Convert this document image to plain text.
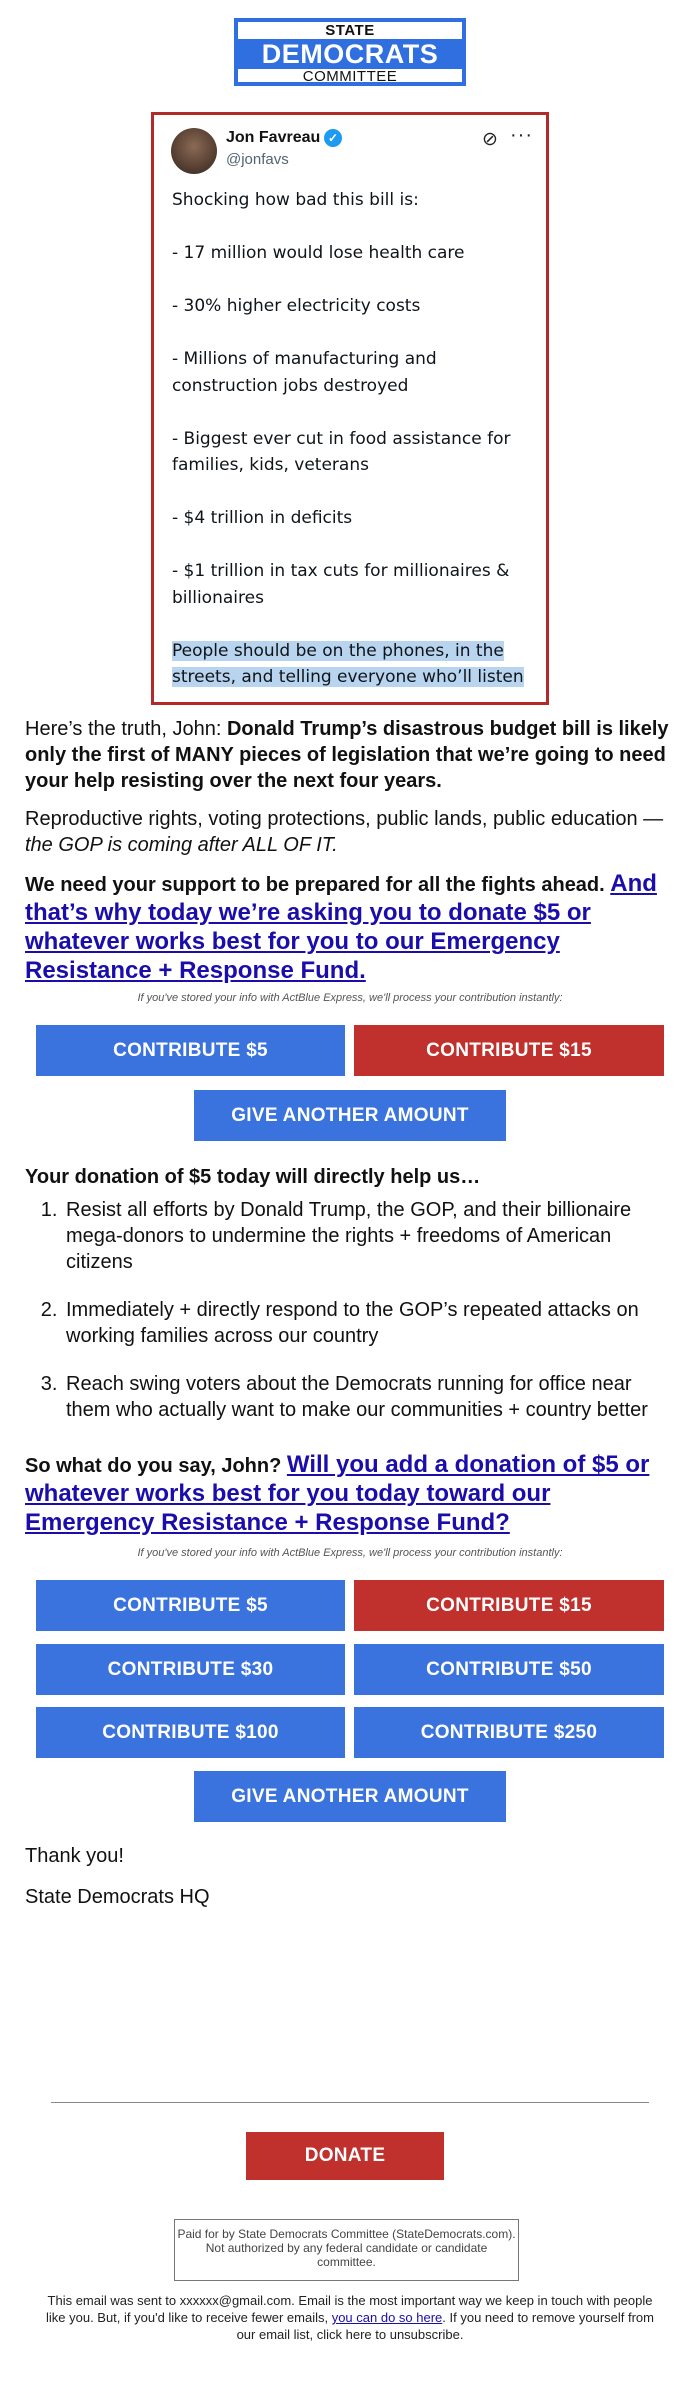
STATE
DEMOCRATS
COMMITTEE
Jon Favreau ✓
@jonfavs
⊘ ···

Shocking how bad this bill is:

- 17 million would lose health care

- 30% higher electricity costs

- Millions of manufacturing and construction jobs destroyed

- Biggest ever cut in food assistance for families, kids, veterans

- $4 trillion in deficits

- $1 trillion in tax cuts for millionaires & billionaires

People should be on the phones, in the streets, and telling everyone who’ll listen

Here’s the truth, John: Donald Trump’s disastrous budget bill is likely only the first of MANY pieces of legislation that we’re going to need your help resisting over the next four years.
Reproductive rights, voting protections, public lands, public education — the GOP is coming after ALL OF IT.
We need your support to be prepared for all the fights ahead. And that’s why today we’re asking you to donate $5 or whatever works best for you to our Emergency Resistance + Response Fund.
If you've stored your info with ActBlue Express, we'll process your contribution instantly:
CONTRIBUTE $5	CONTRIBUTE $15
GIVE ANOTHER AMOUNT
Your donation of $5 today will directly help us…
1. Resist all efforts by Donald Trump, the GOP, and their billionaire mega-donors to undermine the rights + freedoms of American citizens
2. Immediately + directly respond to the GOP’s repeated attacks on working families across our country
3. Reach swing voters about the Democrats running for office near them who actually want to make our communities + country better
So what do you say, John? Will you add a donation of $5 or whatever works best for you today toward our Emergency Resistance + Response Fund?
If you've stored your info with ActBlue Express, we'll process your contribution instantly:
CONTRIBUTE $5	CONTRIBUTE $15
CONTRIBUTE $30	CONTRIBUTE $50
CONTRIBUTE $100	CONTRIBUTE $250
GIVE ANOTHER AMOUNT
Thank you!
State Democrats HQ
DONATE
Paid for by State Democrats Committee (StateDemocrats.com). Not authorized by any federal candidate or candidate committee.
This email was sent to xxxxxx@gmail.com. Email is the most important way we keep in touch with people like you. But, if you'd like to receive fewer emails, you can do so here. If you need to remove yourself from our email list, click here to unsubscribe.
